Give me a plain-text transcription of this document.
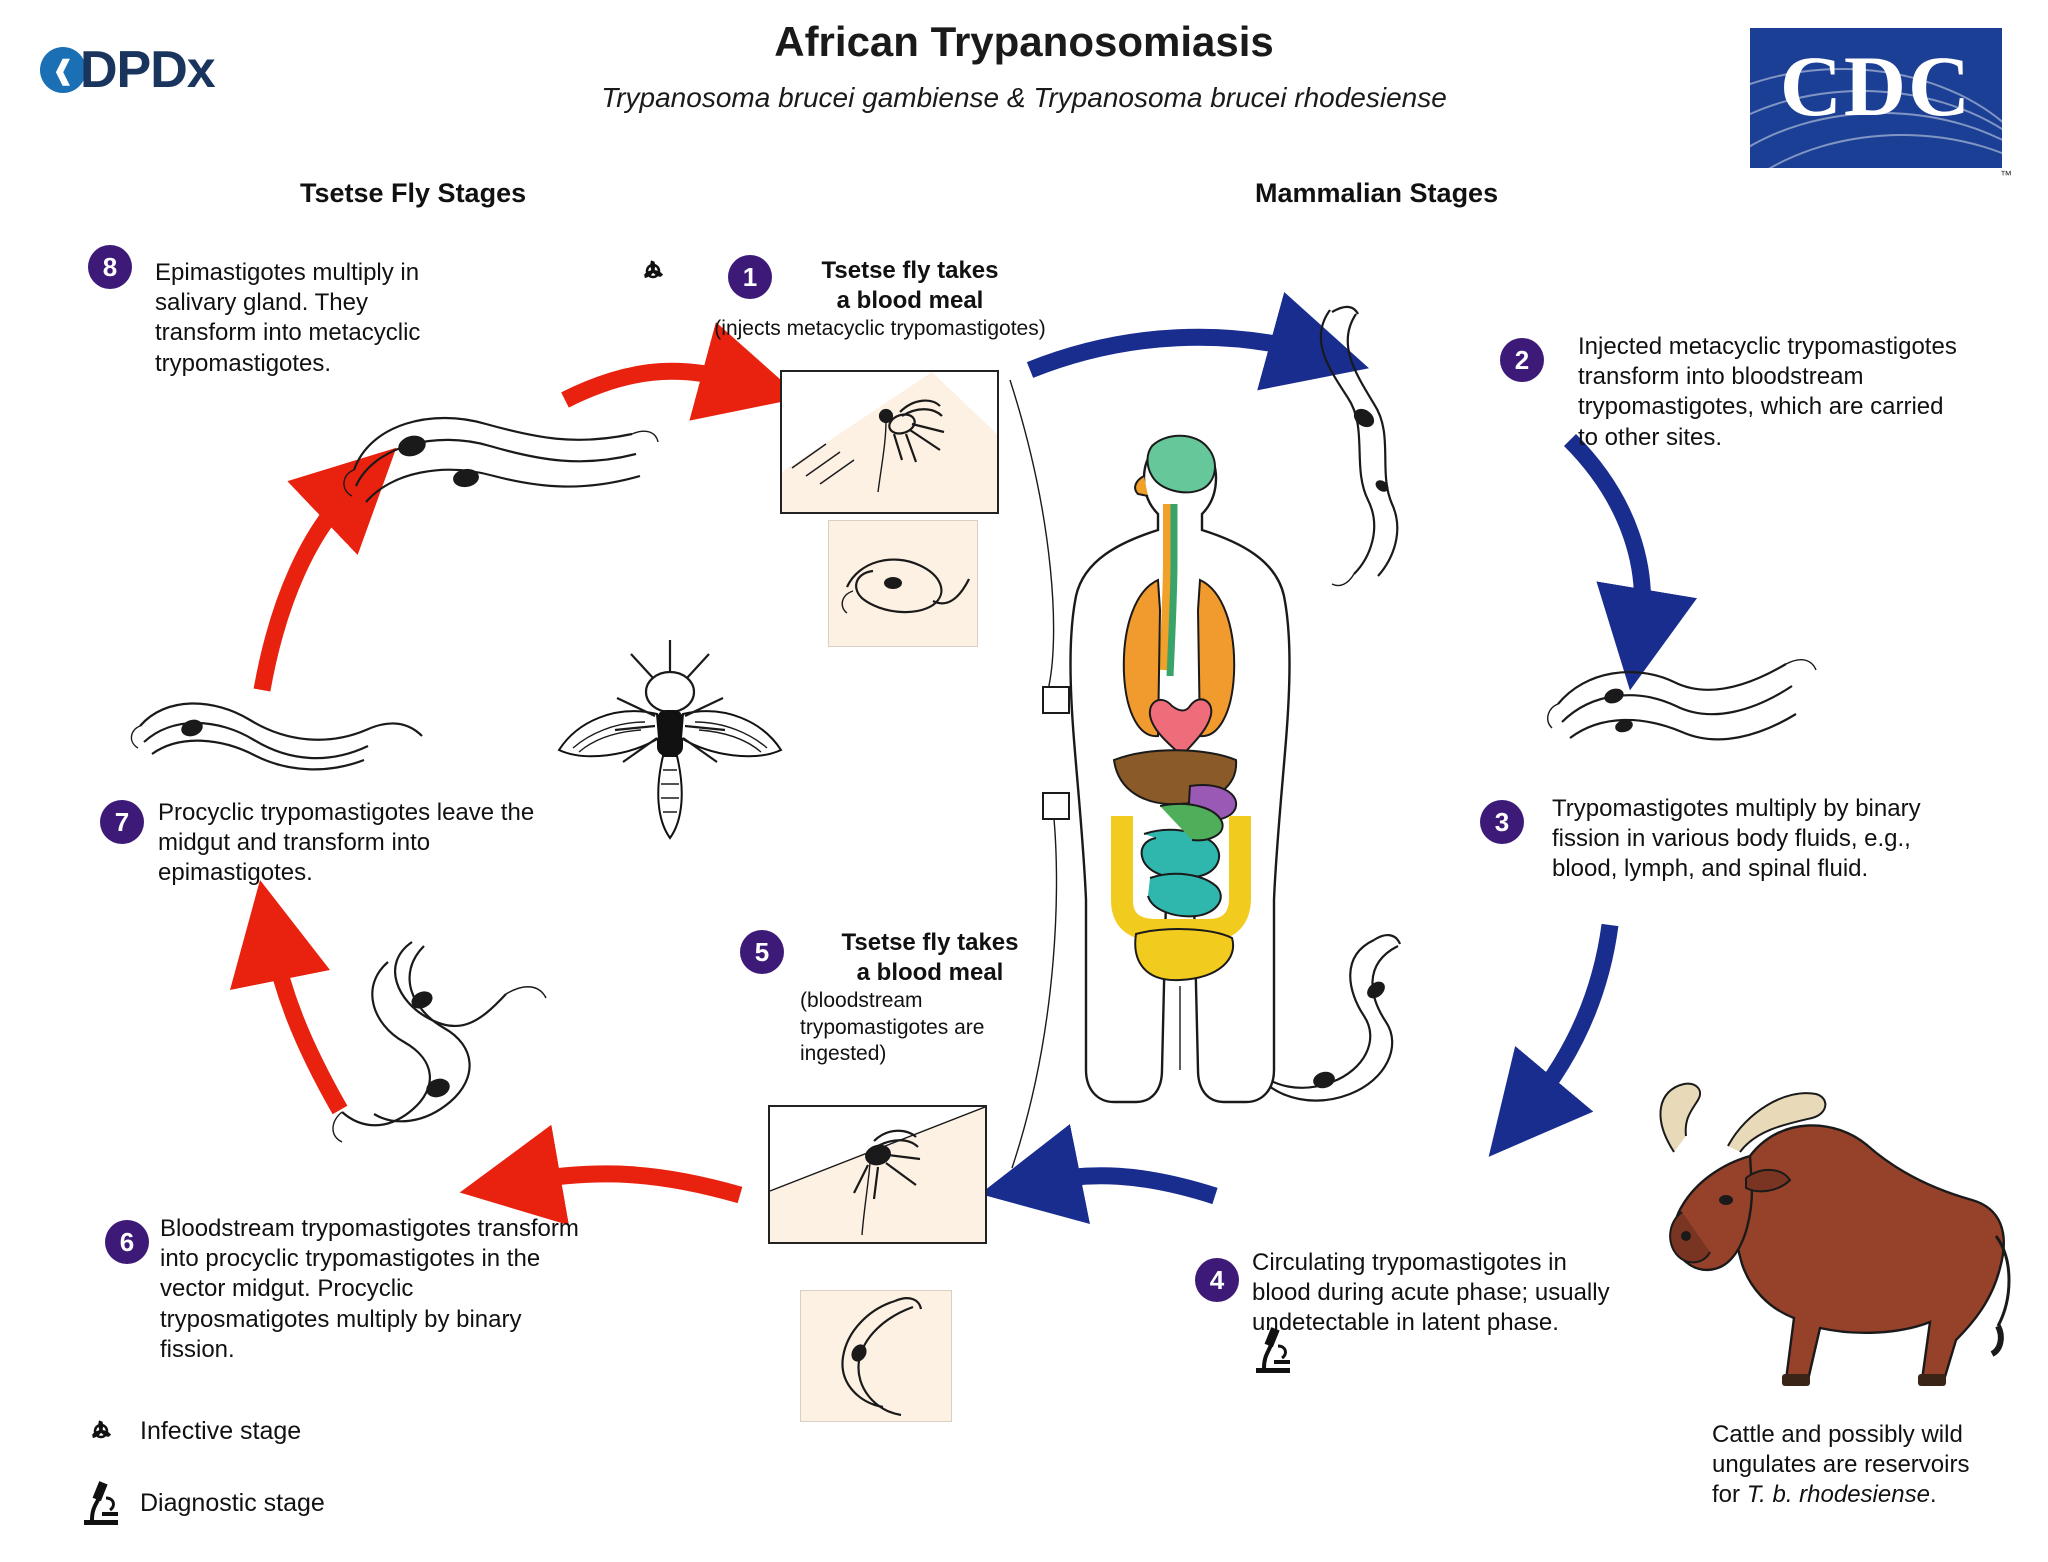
❰ DPDx	African Trypanosomiasis
Trypanosoma brucei gambiense & Trypanosoma brucei rhodesiense	CDC
™
Tsetse Fly Stages	Mammalian Stages
1	Tsetse fly takes
a blood meal
(injects metacyclic trypomastigotes)
2	Injected metacyclic trypomastigotes transform into bloodstream trypomastigotes, which are carried to other sites.
3	Trypomastigotes multiply by binary fission in various body fluids, e.g., blood, lymph, and spinal fluid.
4
Circulating trypomastigotes in blood during acute phase; usually undetectable in latent phase.
5	Tsetse fly takes
a blood meal
(bloodstream trypomastigotes are ingested)
6	Bloodstream trypomastigotes transform into procyclic trypomastigotes in the vector midgut. Procyclic tryposmatigotes multiply by binary fission.
7	Procyclic trypomastigotes leave the midgut and transform into epimastigotes.
8	Epimastigotes multiply in salivary gland. They transform into metacyclic trypomastigotes.
Cattle and possibly wild
ungulates are reservoirs
for T. b. rhodesiense.
Infective stage
Diagnostic stage
